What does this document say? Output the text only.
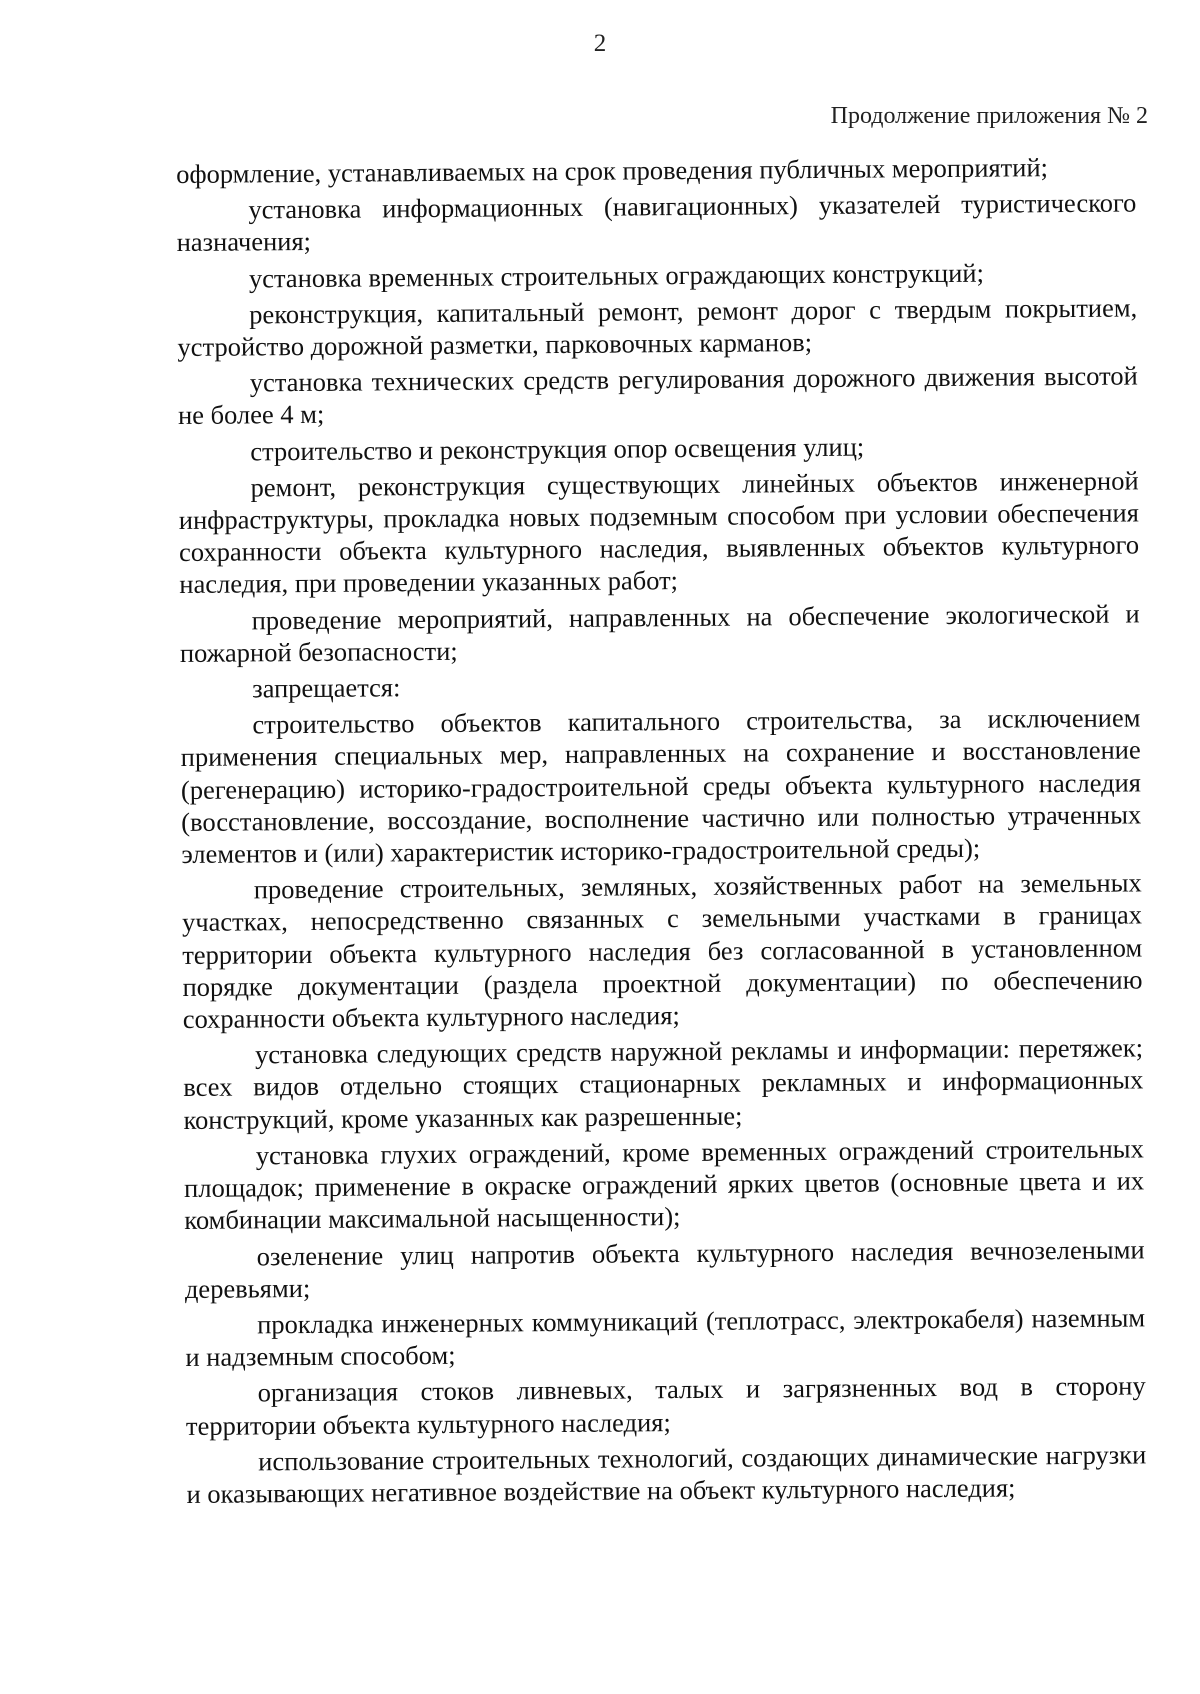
2
Продолжение приложения № 2

оформление, устанавливаемых на срок проведения публичных мероприятий;

установка информационных (навигационных) указателей туристического назначения;

установка временных строительных ограждающих конструкций;

реконструкция, капитальный ремонт, ремонт дорог с твердым покрытием, устройство дорожной разметки, парковочных карманов;

установка технических средств регулирования дорожного движения высотой не более 4 м;

строительство и реконструкция опор освещения улиц;

ремонт, реконструкция существующих линейных объектов инженерной инфраструктуры, прокладка новых подземным способом при условии обеспечения сохранности объекта культурного наследия, выявленных объектов культурного наследия, при проведении указанных работ;

проведение мероприятий, направленных на обеспечение экологической и пожарной безопасности;

запрещается:

строительство объектов капитального строительства, за исключением применения специальных мер, направленных на сохранение и восстановление (регенерацию) историко-градостроительной среды объекта культурного наследия (восстановление, воссоздание, восполнение частично или полностью утраченных элементов и (или) характеристик историко-градостроительной среды);

проведение строительных, земляных, хозяйственных работ на земельных участках, непосредственно связанных с земельными участками в границах территории объекта культурного наследия без согласованной в установленном порядке документации (раздела проектной документации) по обеспечению сохранности объекта культурного наследия;

установка следующих средств наружной рекламы и информации: перетяжек; всех видов отдельно стоящих стационарных рекламных и информационных конструкций, кроме указанных как разрешенные;

установка глухих ограждений, кроме временных ограждений строительных площадок; применение в окраске ограждений ярких цветов (основные цвета и их комбинации максимальной насыщенности);

озеленение улиц напротив объекта культурного наследия вечнозелеными деревьями;

прокладка инженерных коммуникаций (теплотрасс, электрокабеля) наземным и надземным способом;

организация стоков ливневых, талых и загрязненных вод в сторону территории объекта культурного наследия;

использование строительных технологий, создающих динамические нагрузки и оказывающих негативное воздействие на объект культурного наследия;
